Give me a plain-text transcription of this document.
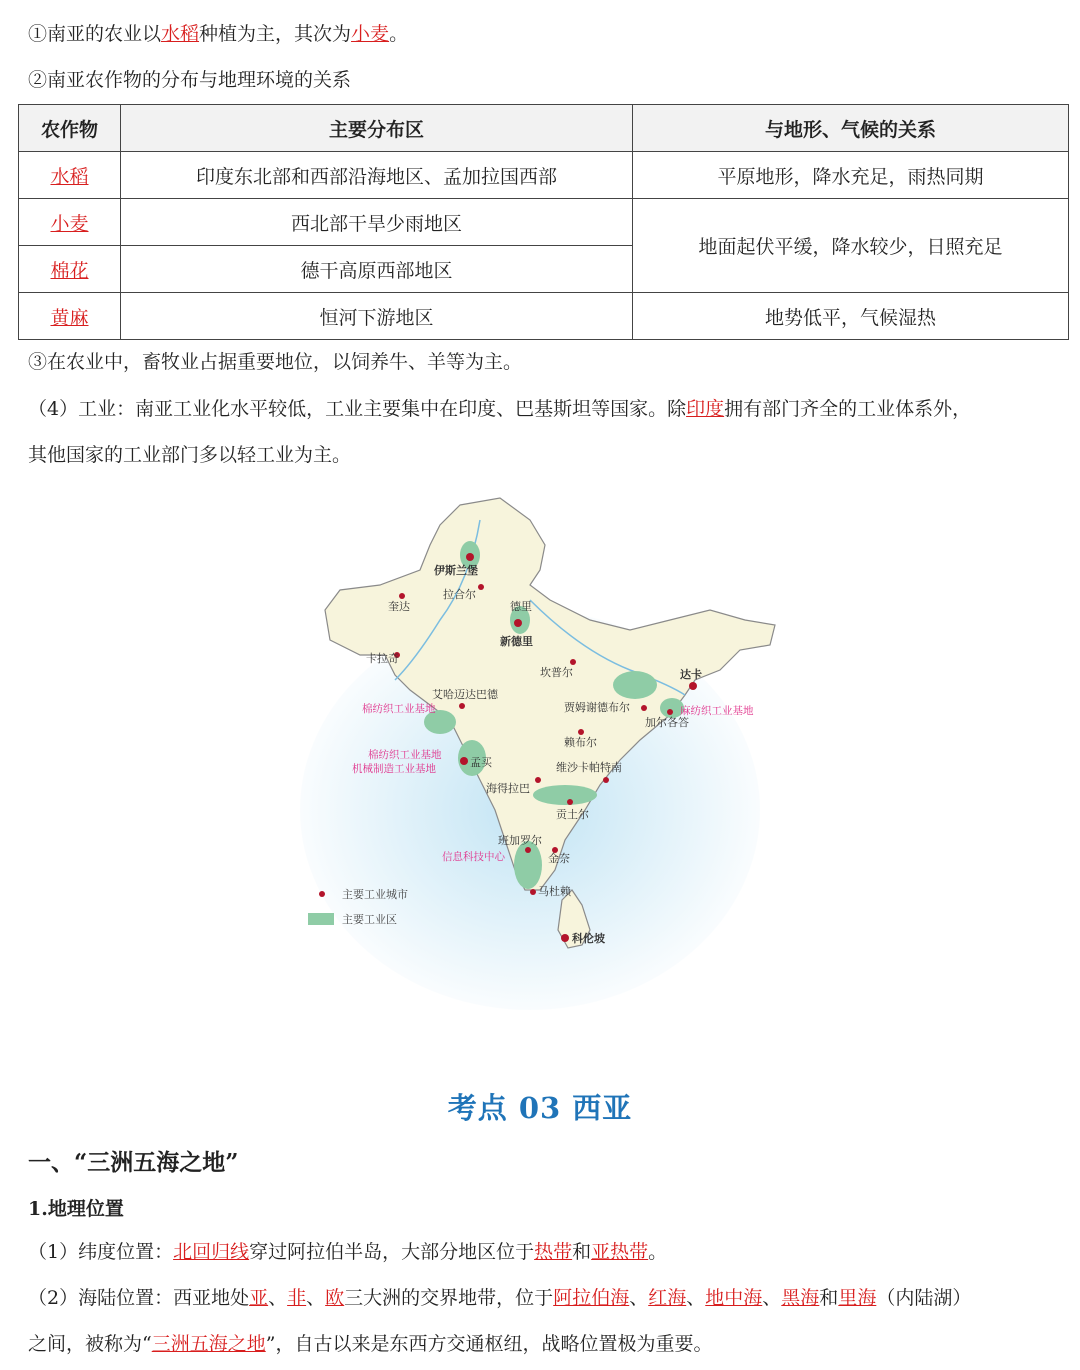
①南亚的农业以水稻种植为主，其次为小麦。
②南亚农作物的分布与地理环境的关系
农作物	主要分布区	与地形、气候的关系
水稻	印度东北部和西部沿海地区、孟加拉国西部	平原地形，降水充足，雨热同期
小麦	西北部干旱少雨地区	地面起伏平缓，降水较少，日照充足
棉花	德干高原西部地区	
黄麻	恒河下游地区	地势低平，气候湿热
③在农业中，畜牧业占据重要地位，以饲养牛、羊等为主。
（4）工业：南亚工业化水平较低，工业主要集中在印度、巴基斯坦等国家。除印度拥有部门齐全的工业体系外，
其他国家的工业部门多以轻工业为主。
伊斯兰堡
拉合尔
奎达	德里
新德里
卡拉奇
坎普尔	达卡
艾哈迈达巴德
贾姆谢德布尔
加尔各答
赖布尔
孟买	维沙卡帕特南
海得拉巴
贡土尔
班加罗尔
金奈
马杜赖
科伦坡
棉纺织工业基地	麻纺织工业基地
棉纺织工业基地
机械制造工业基地
信息科技中心
主要工业城市
主要工业区
考点 03 西亚
一、“三洲五海之地”
1.地理位置
（1）纬度位置：北回归线穿过阿拉伯半岛，大部分地区位于热带和亚热带。
（2）海陆位置：西亚地处亚、非、欧三大洲的交界地带，位于阿拉伯海、红海、地中海、黑海和里海（内陆湖）
之间，被称为“三洲五海之地”，自古以来是东西方交通枢纽，战略位置极为重要。
